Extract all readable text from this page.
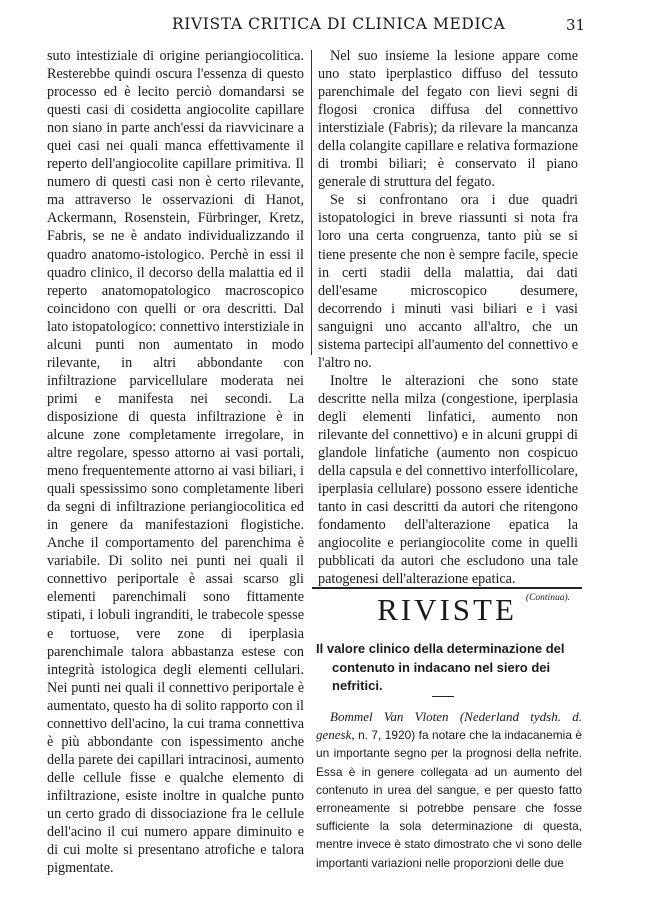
RIVISTA CRITICA DI CLINICA MEDICA	31

suto intestiziale di origine periangiocolitica. Resterebbe quindi oscura l'essenza di questo processo ed è lecito perciò domandarsi se questi casi di cosidetta angiocolite capillare non siano in parte anch'essi da riavvicinare a quei casi nei quali manca effettivamente il reperto dell'angiocolite capillare primitiva. Il numero di questi casi non è certo rilevante, ma attraverso le osservazioni di Hanot, Ackermann, Rosenstein, Fürbringer, Kretz, Fabris, se ne è andato individualizzando il quadro anatomo-istologico. Perchè in essi il quadro clinico, il decorso della malattia ed il reperto anatomopatologico macroscopico coincidono con quelli or ora descritti. Dal lato istopatologico: connettivo interstiziale in alcuni punti non aumentato in modo rilevante, in altri abbondante con infiltrazione parvicellulare moderata nei primi e manifesta nei secondi. La disposizione di questa infiltrazione è in alcune zone completamente irregolare, in altre regolare, spesso attorno ai vasi portali, meno frequentemente attorno ai vasi biliari, i quali spessissimo sono completamente liberi da segni di infiltrazione periangiocolitica ed in genere da manifestazioni flogistiche. Anche il comportamento del parenchima è variabile. Di solito nei punti nei quali il connettivo periportale è assai scarso gli elementi parenchimali sono fittamente stipati, i lobuli ingranditi, le trabecole spesse e tortuose, vere zone di iperplasia parenchimale talora abbastanza estese con integrità istologica degli elementi cellulari. Nei punti nei quali il connettivo periportale è aumentato, questo ha di solito rapporto con il connettivo dell'acino, la cui trama connettiva è più abbondante con ispessimento anche della parete dei capillari intracinosi, aumento delle cellule fisse e qualche elemento di infiltrazione, esiste inoltre in qualche punto un certo grado di dissociazione fra le cellule dell'acino il cui numero appare diminuito e di cui molte si presentano atrofiche e talora pigmentate.

Nel suo insieme la lesione appare come uno stato iperplastico diffuso del tessuto parenchimale del fegato con lievi segni di flogosi cronica diffusa del connettivo interstiziale (Fabris); da rilevare la mancanza della colangite capillare e relativa formazione di trombi biliari; è conservato il piano generale di struttura del fegato.

Se si confrontano ora i due quadri istopatologici in breve riassunti si nota fra loro una certa congruenza, tanto più se si tiene presente che non è sempre facile, specie in certi stadii della malattia, dai dati dell'esame microscopico desumere, decorrendo i minuti vasi biliari e i vasi sanguigni uno accanto all'altro, che un sistema partecipi all'aumento del connettivo e l'altro no.

Inoltre le alterazioni che sono state descritte nella milza (congestione, iperplasia degli elementi linfatici, aumento non rilevante del connettivo) e in alcuni gruppi di glandole linfatiche (aumento non cospicuo della capsula e del connettivo interfollicolare, iperplasia cellulare) possono essere identiche tanto in casi descritti da autori che ritengono fondamento dell'alterazione epatica la angiocolite e periangiocolite come in quelli pubblicati da autori che escludono una tale patogenesi dell'alterazione epatica.

(Continua).

RIVISTE
Il valore clinico della determinazione del
contenuto in indacano nel siero dei nefritici.

Bommel Van Vloten (Nederland tydsh. d. genesk, n. 7, 1920) fa notare che la indacanemia è un importante segno per la prognosi della nefrite. Essa è in genere collegata ad un aumento del contenuto in urea del sangue, e per questo fatto erroneamente si potrebbe pensare che fosse sufficiente la sola determinazione di questa, mentre invece è stato dimostrato che vi sono delle importanti variazioni nelle proporzioni delle due
